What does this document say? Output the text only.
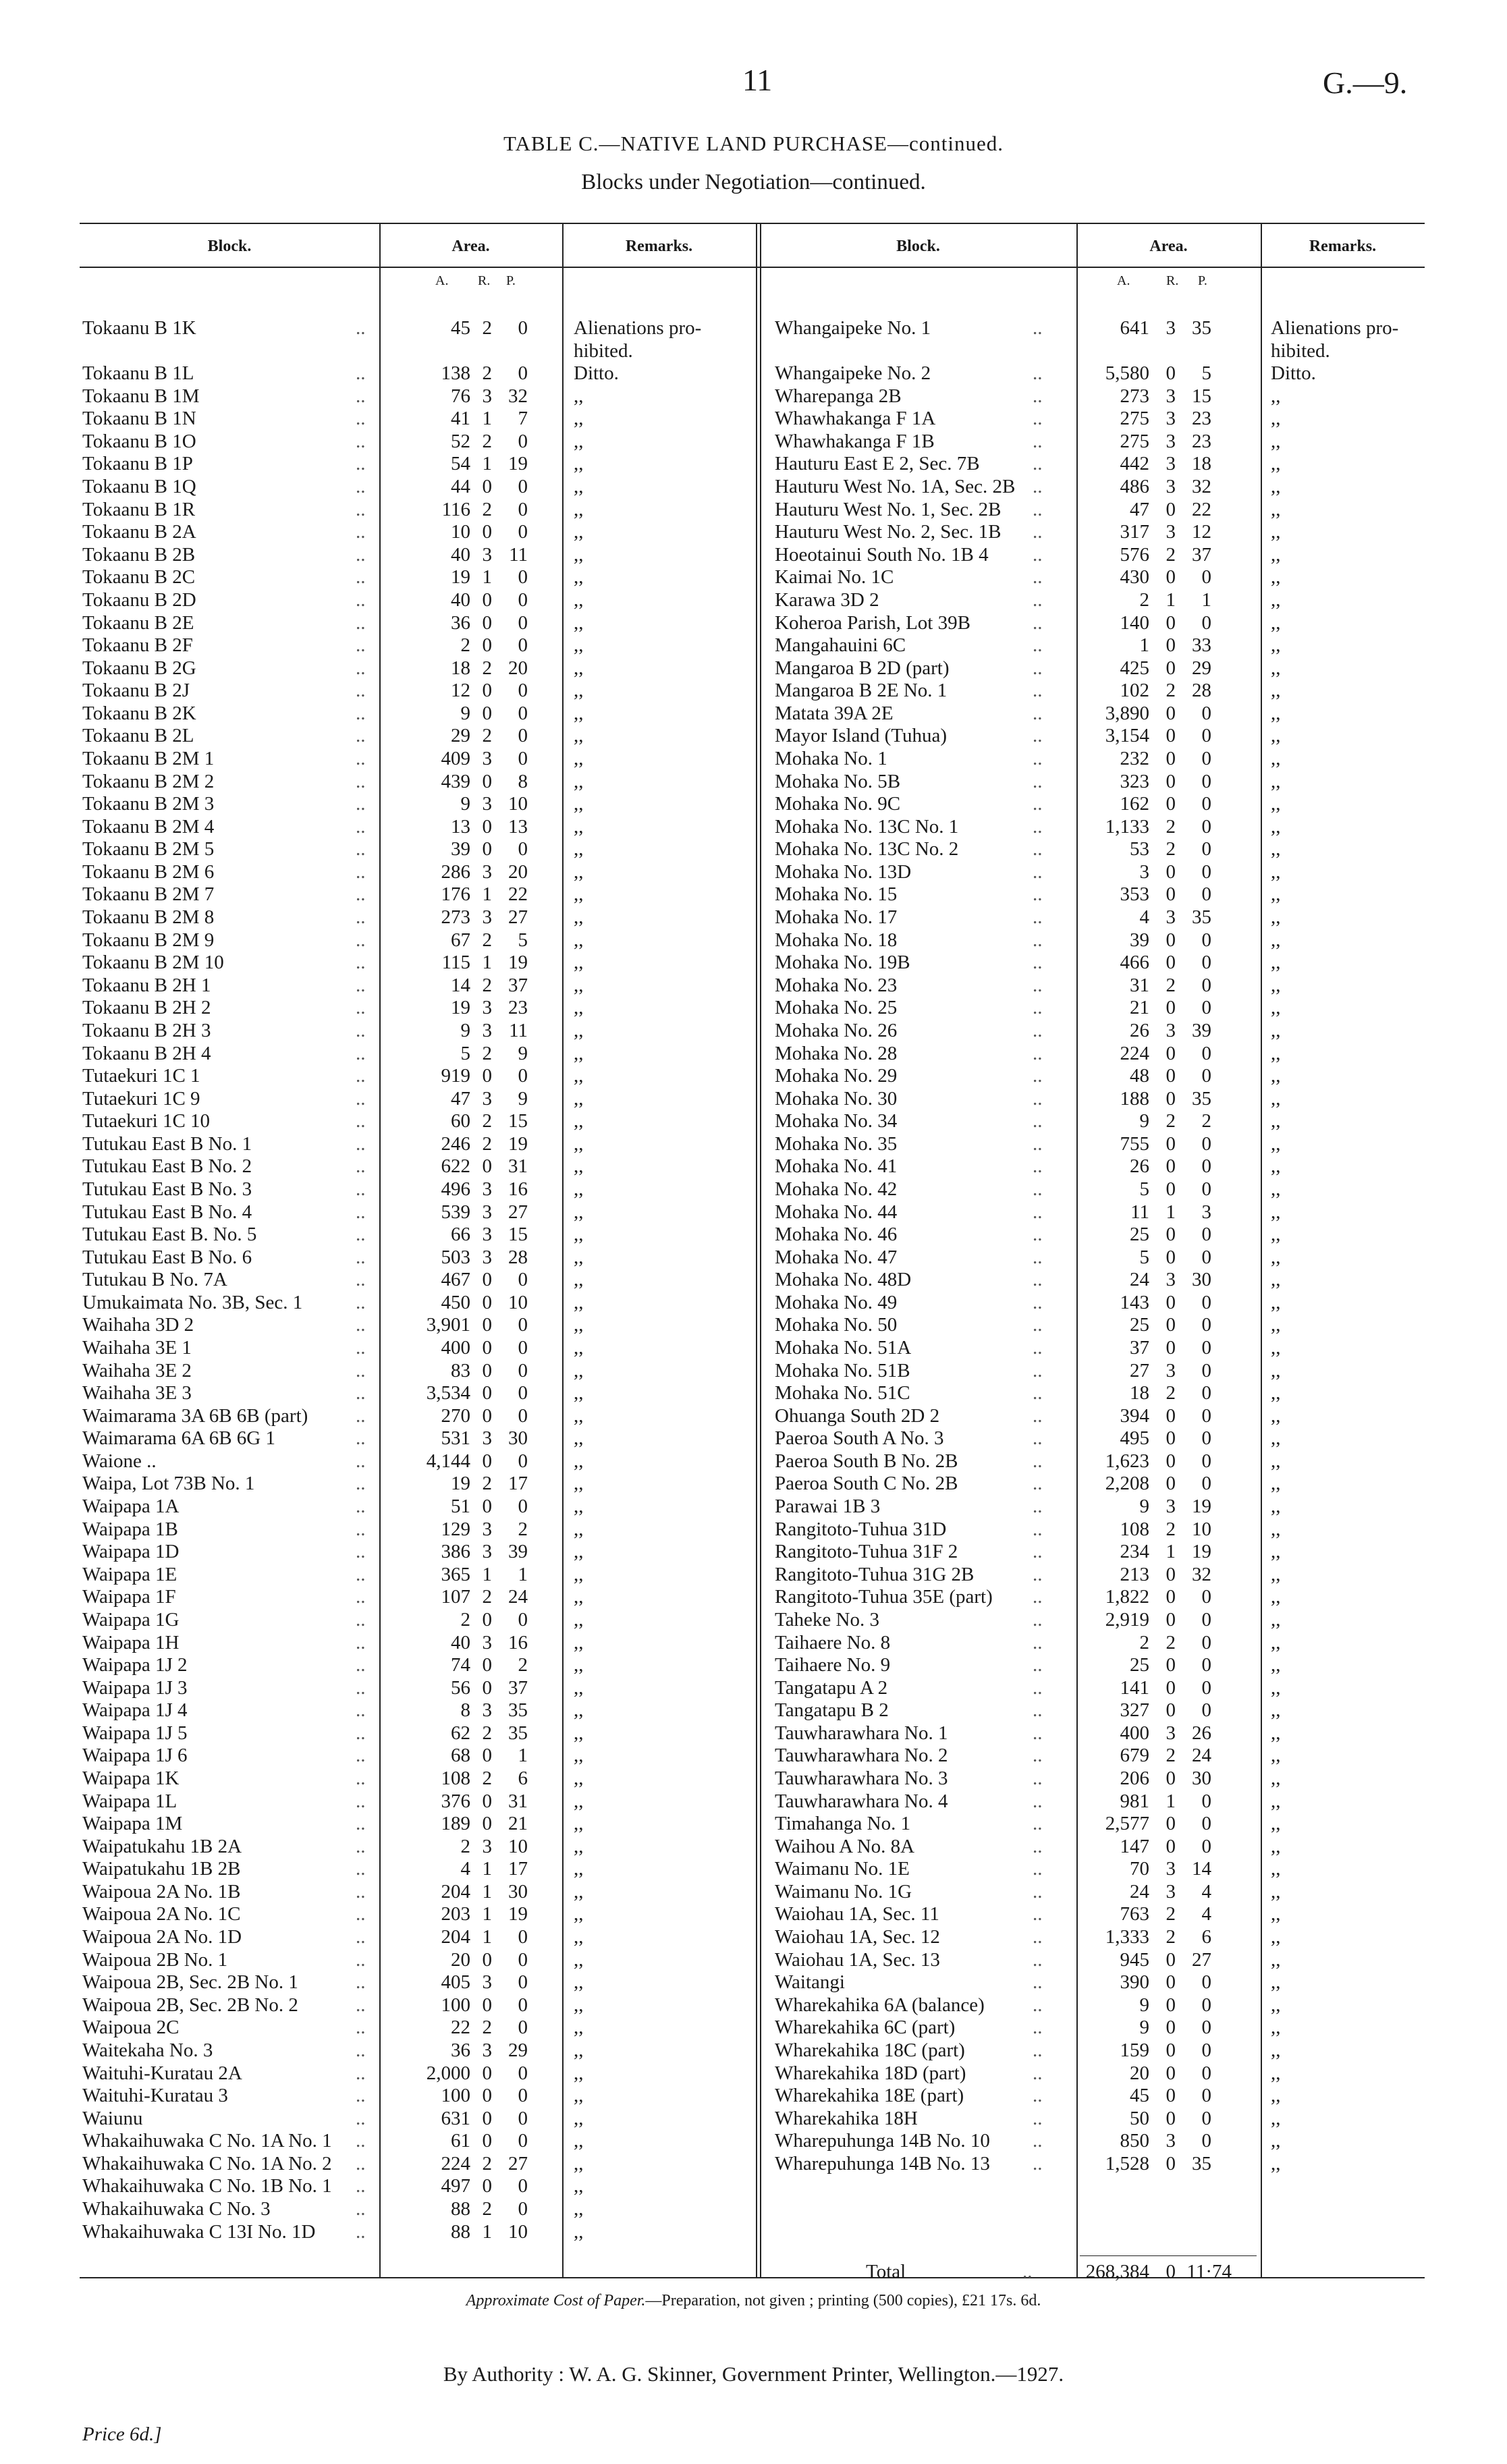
11	G.—9.
TABLE C.—NATIVE LAND PURCHASE—continued.
Blocks under Negotiation—continued.
Block.	Area.	Remarks.	Block.	Area.	Remarks.
A. R. P.	A.	R. P.
Tokaanu B 1K	45 2	0 Alienations pro-
..
hibited.
Tokaanu B 1L	138 2	0 Ditto.
..
Tokaanu B 1M	76 3 32 ,,
..
Tokaanu B 1N	41 1	7 ,,
..
Tokaanu B 1O	52 2	0 ,,
..
Tokaanu B 1P	54 1 19 ,,
..
Tokaanu B 1Q	44 0	0 ,,
..
Tokaanu B 1R	116 2	0 ,,
..
Tokaanu B 2A	10 0	0 ,,
..
Tokaanu B 2B	40 3 11 ,,
..
Tokaanu B 2C	19 1	0 ,,
..
Tokaanu B 2D	40 0	0 ,,
..
Tokaanu B 2E	36 0	0 ,,
..
Tokaanu B 2F	2 0	0 ,,
..
Tokaanu B 2G	18 2 20 ,,
..
Tokaanu B 2J	12 0	0 ,,
..
Tokaanu B 2K	9 0	0 ,,
..
Tokaanu B 2L	29 2	0 ,,
..
Tokaanu B 2M 1	409 3	0 ,,
..
Tokaanu B 2M 2	439 0	8 ,,
..
Tokaanu B 2M 3	9 3 10 ,,
..
Tokaanu B 2M 4	13 0 13 ,,
..
Tokaanu B 2M 5	39 0	0 ,,
..
Tokaanu B 2M 6	286 3 20 ,,
..
Tokaanu B 2M 7	176 1 22 ,,
..
Tokaanu B 2M 8	273 3 27 ,,
..
Tokaanu B 2M 9	67 2	5 ,,
..
Tokaanu B 2M 10	115 1 19 ,,
..
Tokaanu B 2H 1	14 2 37 ,,
..
Tokaanu B 2H 2	19 3 23 ,,
..
Tokaanu B 2H 3	9 3 11 ,,
..
Tokaanu B 2H 4	5 2	9 ,,
..
Tutaekuri 1C 1	919 0	0 ,,
..
Tutaekuri 1C 9	47 3	9 ,,
..
Tutaekuri 1C 10	60 2 15 ,,
..
Tutukau East B No. 1	246 2 19 ,,
..
Tutukau East B No. 2	622 0 31 ,,
..
Tutukau East B No. 3	496 3 16 ,,
..
Tutukau East B No. 4	539 3 27 ,,
..
Tutukau East B. No. 5	66 3 15 ,,
..
Tutukau East B No. 6	503 3 28 ,,
..
Tutukau B No. 7A	467 0	0 ,,
..
Umukaimata No. 3B, Sec. 1	450 0 10 ,,
..
Waihaha 3D 2	3,901 0	0 ,,
..
Waihaha 3E 1	400 0	0 ,,
..
Waihaha 3E 2	83 0	0 ,,
..
Waihaha 3E 3	3,534 0	0 ,,
..
Waimarama 3A 6B 6B (part)	270 0	0 ,,
..
Waimarama 6A 6B 6G 1	531 3 30 ,,
..
Waione ..	4,144 0	0 ,,
..
Waipa, Lot 73B No. 1	19 2 17 ,,
..
Waipapa 1A	51 0	0 ,,
..
Waipapa 1B	129 3	2 ,,
..
Waipapa 1D	386 3 39 ,,
..
Waipapa 1E	365 1	1 ,,
..
Waipapa 1F	107 2 24 ,,
..
Waipapa 1G	2 0	0 ,,
..
Waipapa 1H	40 3 16 ,,
..
Waipapa 1J 2	74 0	2 ,,
..
Waipapa 1J 3	56 0 37 ,,
..
Waipapa 1J 4	8 3 35 ,,
..
Waipapa 1J 5	62 2 35 ,,
..
Waipapa 1J 6	68 0	1 ,,
..
Waipapa 1K	108 2	6 ,,
..
Waipapa 1L	376 0 31 ,,
..
Waipapa 1M	189 0 21 ,,
..
Waipatukahu 1B 2A	2 3 10 ,,
..
Waipatukahu 1B 2B	4 1 17 ,,
..
Waipoua 2A No. 1B	204 1 30 ,,
..
Waipoua 2A No. 1C	203 1 19 ,,
..
Waipoua 2A No. 1D	204 1	0 ,,
..
Waipoua 2B No. 1	20 0	0 ,,
..
Waipoua 2B, Sec. 2B No. 1	405 3	0 ,,
..
Waipoua 2B, Sec. 2B No. 2	100 0	0 ,,
..
Waipoua 2C	22 2	0 ,,
..
Waitekaha No. 3	36 3 29 ,,
..
Waituhi-Kuratau 2A	2,000 0	0 ,,
..
Waituhi-Kuratau 3	100 0	0 ,,
..
Waiunu	631 0	0 ,,
..
Whakaihuwaka C No. 1A No. 1	61 0	0 ,,
..
Whakaihuwaka C No. 1A No. 2	224 2 27 ,,
..
Whakaihuwaka C No. 1B No. 1	497 0	0 ,,
..
Whakaihuwaka C No. 3	88 2	0 ,,
..
Whakaihuwaka C 13I No. 1D	88 1 10 ,,
..
Whangaipeke No. 1	641 3 35	Alienations pro-
..
hibited.
Whangaipeke No. 2	5,580 0	5	Ditto.
..
Wharepanga 2B	273 3 15	,,
..
Whawhakanga F 1A	275 3 23	,,
..
Whawhakanga F 1B	275 3 23	,,
..
Hauturu East E 2, Sec. 7B	442 3 18	,,
..
Hauturu West No. 1A, Sec. 2B	486 3 32	,,
..
Hauturu West No. 1, Sec. 2B	47 0 22	,,
..
Hauturu West No. 2, Sec. 1B	317 3 12	,,
..
Hoeotainui South No. 1B 4	576 2 37	,,
..
Kaimai No. 1C	430 0	0	,,
..
Karawa 3D 2	2 1	1	,,
..
Koheroa Parish, Lot 39B	140 0	0	,,
..
Mangahauini 6C	1 0 33	,,
..
Mangaroa B 2D (part)	425 0 29	,,
..
Mangaroa B 2E No. 1	102 2 28	,,
..
Matata 39A 2E	3,890 0	0	,,
..
Mayor Island (Tuhua)	3,154 0	0	,,
..
Mohaka No. 1	232 0	0	,,
..
Mohaka No. 5B	323 0	0	,,
..
Mohaka No. 9C	162 0	0	,,
..
Mohaka No. 13C No. 1	1,133 2	0	,,
..
Mohaka No. 13C No. 2	53 2	0	,,
..
Mohaka No. 13D	3 0	0	,,
..
Mohaka No. 15	353 0	0	,,
..
Mohaka No. 17	4 3 35	,,
..
Mohaka No. 18	39 0	0	,,
..
Mohaka No. 19B	466 0	0	,,
..
Mohaka No. 23	31 2	0	,,
..
Mohaka No. 25	21 0	0	,,
..
Mohaka No. 26	26 3 39	,,
..
Mohaka No. 28	224 0	0	,,
..
Mohaka No. 29	48 0	0	,,
..
Mohaka No. 30	188 0 35	,,
..
Mohaka No. 34	9 2	2	,,
..
Mohaka No. 35	755 0	0	,,
..
Mohaka No. 41	26 0	0	,,
..
Mohaka No. 42	5 0	0	,,
..
Mohaka No. 44	11 1	3	,,
..
Mohaka No. 46	25 0	0	,,
..
Mohaka No. 47	5 0	0	,,
..
Mohaka No. 48D	24 3 30	,,
..
Mohaka No. 49	143 0	0	,,
..
Mohaka No. 50	25 0	0	,,
..
Mohaka No. 51A	37 0	0	,,
..
Mohaka No. 51B	27 3	0	,,
..
Mohaka No. 51C	18 2	0	,,
..
Ohuanga South 2D 2	394 0	0	,,
..
Paeroa South A No. 3	495 0	0	,,
..
Paeroa South B No. 2B	1,623 0	0	,,
..
Paeroa South C No. 2B	2,208 0	0	,,
..
Parawai 1B 3	9 3 19	,,
..
Rangitoto-Tuhua 31D	108 2 10	,,
..
Rangitoto-Tuhua 31F 2	234 1 19	,,
..
Rangitoto-Tuhua 31G 2B	213 0 32	,,
..
Rangitoto-Tuhua 35E (part)	1,822 0	0	,,
..
Taheke No. 3	2,919 0	0	,,
..
Taihaere No. 8	2 2	0	,,
..
Taihaere No. 9	25 0	0	,,
..
Tangatapu A 2	141 0	0	,,
..
Tangatapu B 2	327 0	0	,,
..
Tauwharawhara No. 1	400 3 26	,,
..
Tauwharawhara No. 2	679 2 24	,,
..
Tauwharawhara No. 3	206 0 30	,,
..
Tauwharawhara No. 4	981 1	0	,,
..
Timahanga No. 1	2,577 0	0	,,
..
Waihou A No. 8A	147 0	0	,,
..
Waimanu No. 1E	70 3 14	,,
..
Waimanu No. 1G	24 3	4	,,
..
Waiohau 1A, Sec. 11	763 2	4	,,
..
Waiohau 1A, Sec. 12	1,333 2	6	,,
..
Waiohau 1A, Sec. 13	945 0 27	,,
..
Waitangi	390 0	0	,,
..
Wharekahika 6A (balance)	9 0	0	,,
..
Wharekahika 6C (part)	9 0	0	,,
..
Wharekahika 18C (part)	159 0	0	,,
..
Wharekahika 18D (part)	20 0	0	,,
..
Wharekahika 18E (part)	45 0	0	,,
..
Wharekahika 18H	50 0	0	,,
..
Wharepuhunga 14B No. 10	850 3	0	,,
..
Wharepuhunga 14B No. 13	1,528 0 35	,,
..
Total	..	268,384 0 11·74
Approximate Cost of Paper.—Preparation, not given ; printing (500 copies), £21 17s. 6d.
By Authority : W. A. G. Skinner, Government Printer, Wellington.—1927.
Price 6d.]
